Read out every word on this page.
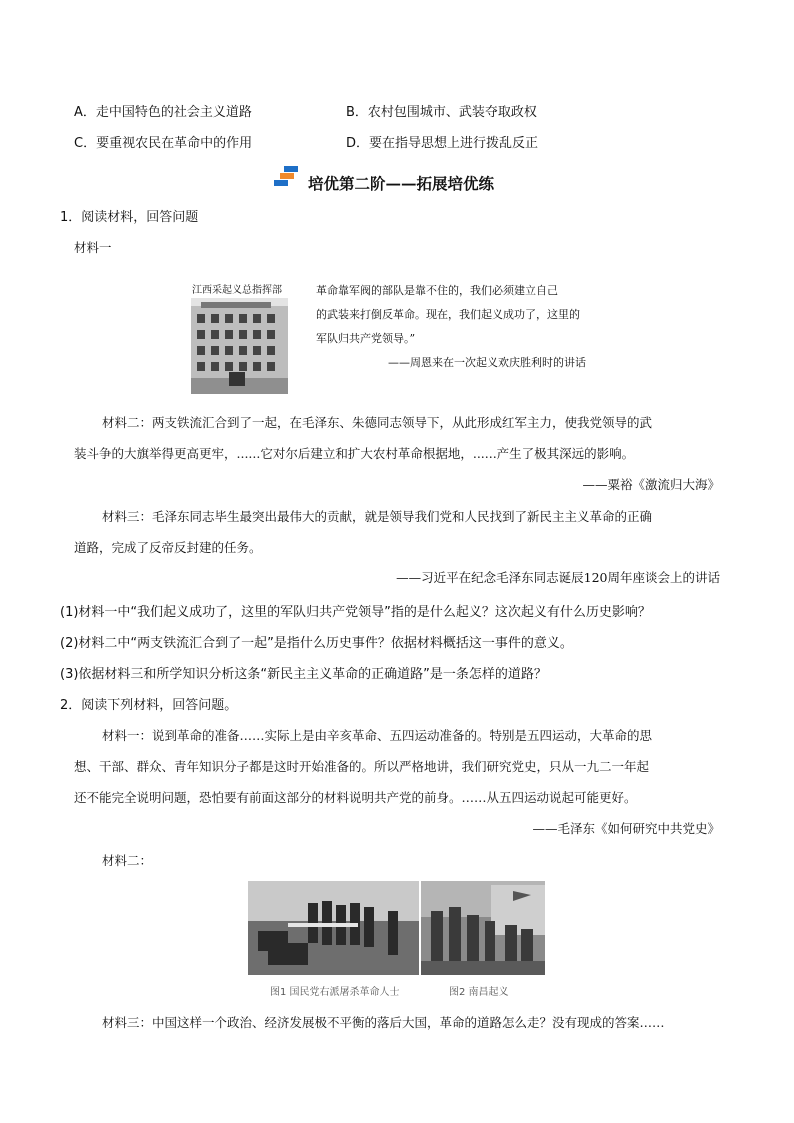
A．走中国特色的社会主义道路	B．农村包围城市、武装夺取政权
C．要重视农民在革命中的作用	D．要在指导思想上进行拨乱反正
培优第二阶——拓展培优练
1．阅读材料，回答问题
材料一
江西采起义总指挥部	革命靠军阀的部队是靠不住的，我们必须建立自己
的武装来打倒反革命。现在，我们起义成功了，这里的
军队归共产党领导。”
——周恩来在一次起义欢庆胜利时的讲话
材料二：两支铁流汇合到了一起，在毛泽东、朱德同志领导下，从此形成红军主力，使我党领导的武
装斗争的大旗举得更高更牢，......它对尔后建立和扩大农村革命根据地，......产生了极其深远的影响。
——粟裕《激流归大海》
材料三：毛泽东同志毕生最突出最伟大的贡献，就是领导我们党和人民找到了新民主主义革命的正确
道路，完成了反帝反封建的任务。
——习近平在纪念毛泽东同志诞辰120周年座谈会上的讲话
(1)材料一中“我们起义成功了，这里的军队归共产党领导”指的是什么起义？这次起义有什么历史影响？
(2)材料二中“两支铁流汇合到了一起”是指什么历史事件？依据材料概括这一事件的意义。
(3)依据材料三和所学知识分析这条“新民主主义革命的正确道路”是一条怎样的道路？
2．阅读下列材料，回答问题。
材料一：说到革命的准备……实际上是由辛亥革命、五四运动准备的。特别是五四运动，大革命的思
想、干部、群众、青年知识分子都是这时开始准备的。所以严格地讲，我们研究党史，只从一九二一年起
还不能完全说明问题，恐怕要有前面这部分的材料说明共产党的前身。……从五四运动说起可能更好。
——毛泽东《如何研究中共党史》
材料二：
图1 国民党右派屠杀革命人士	图2 南昌起义
材料三：中国这样一个政治、经济发展极不平衡的落后大国，革命的道路怎么走？没有现成的答案……
